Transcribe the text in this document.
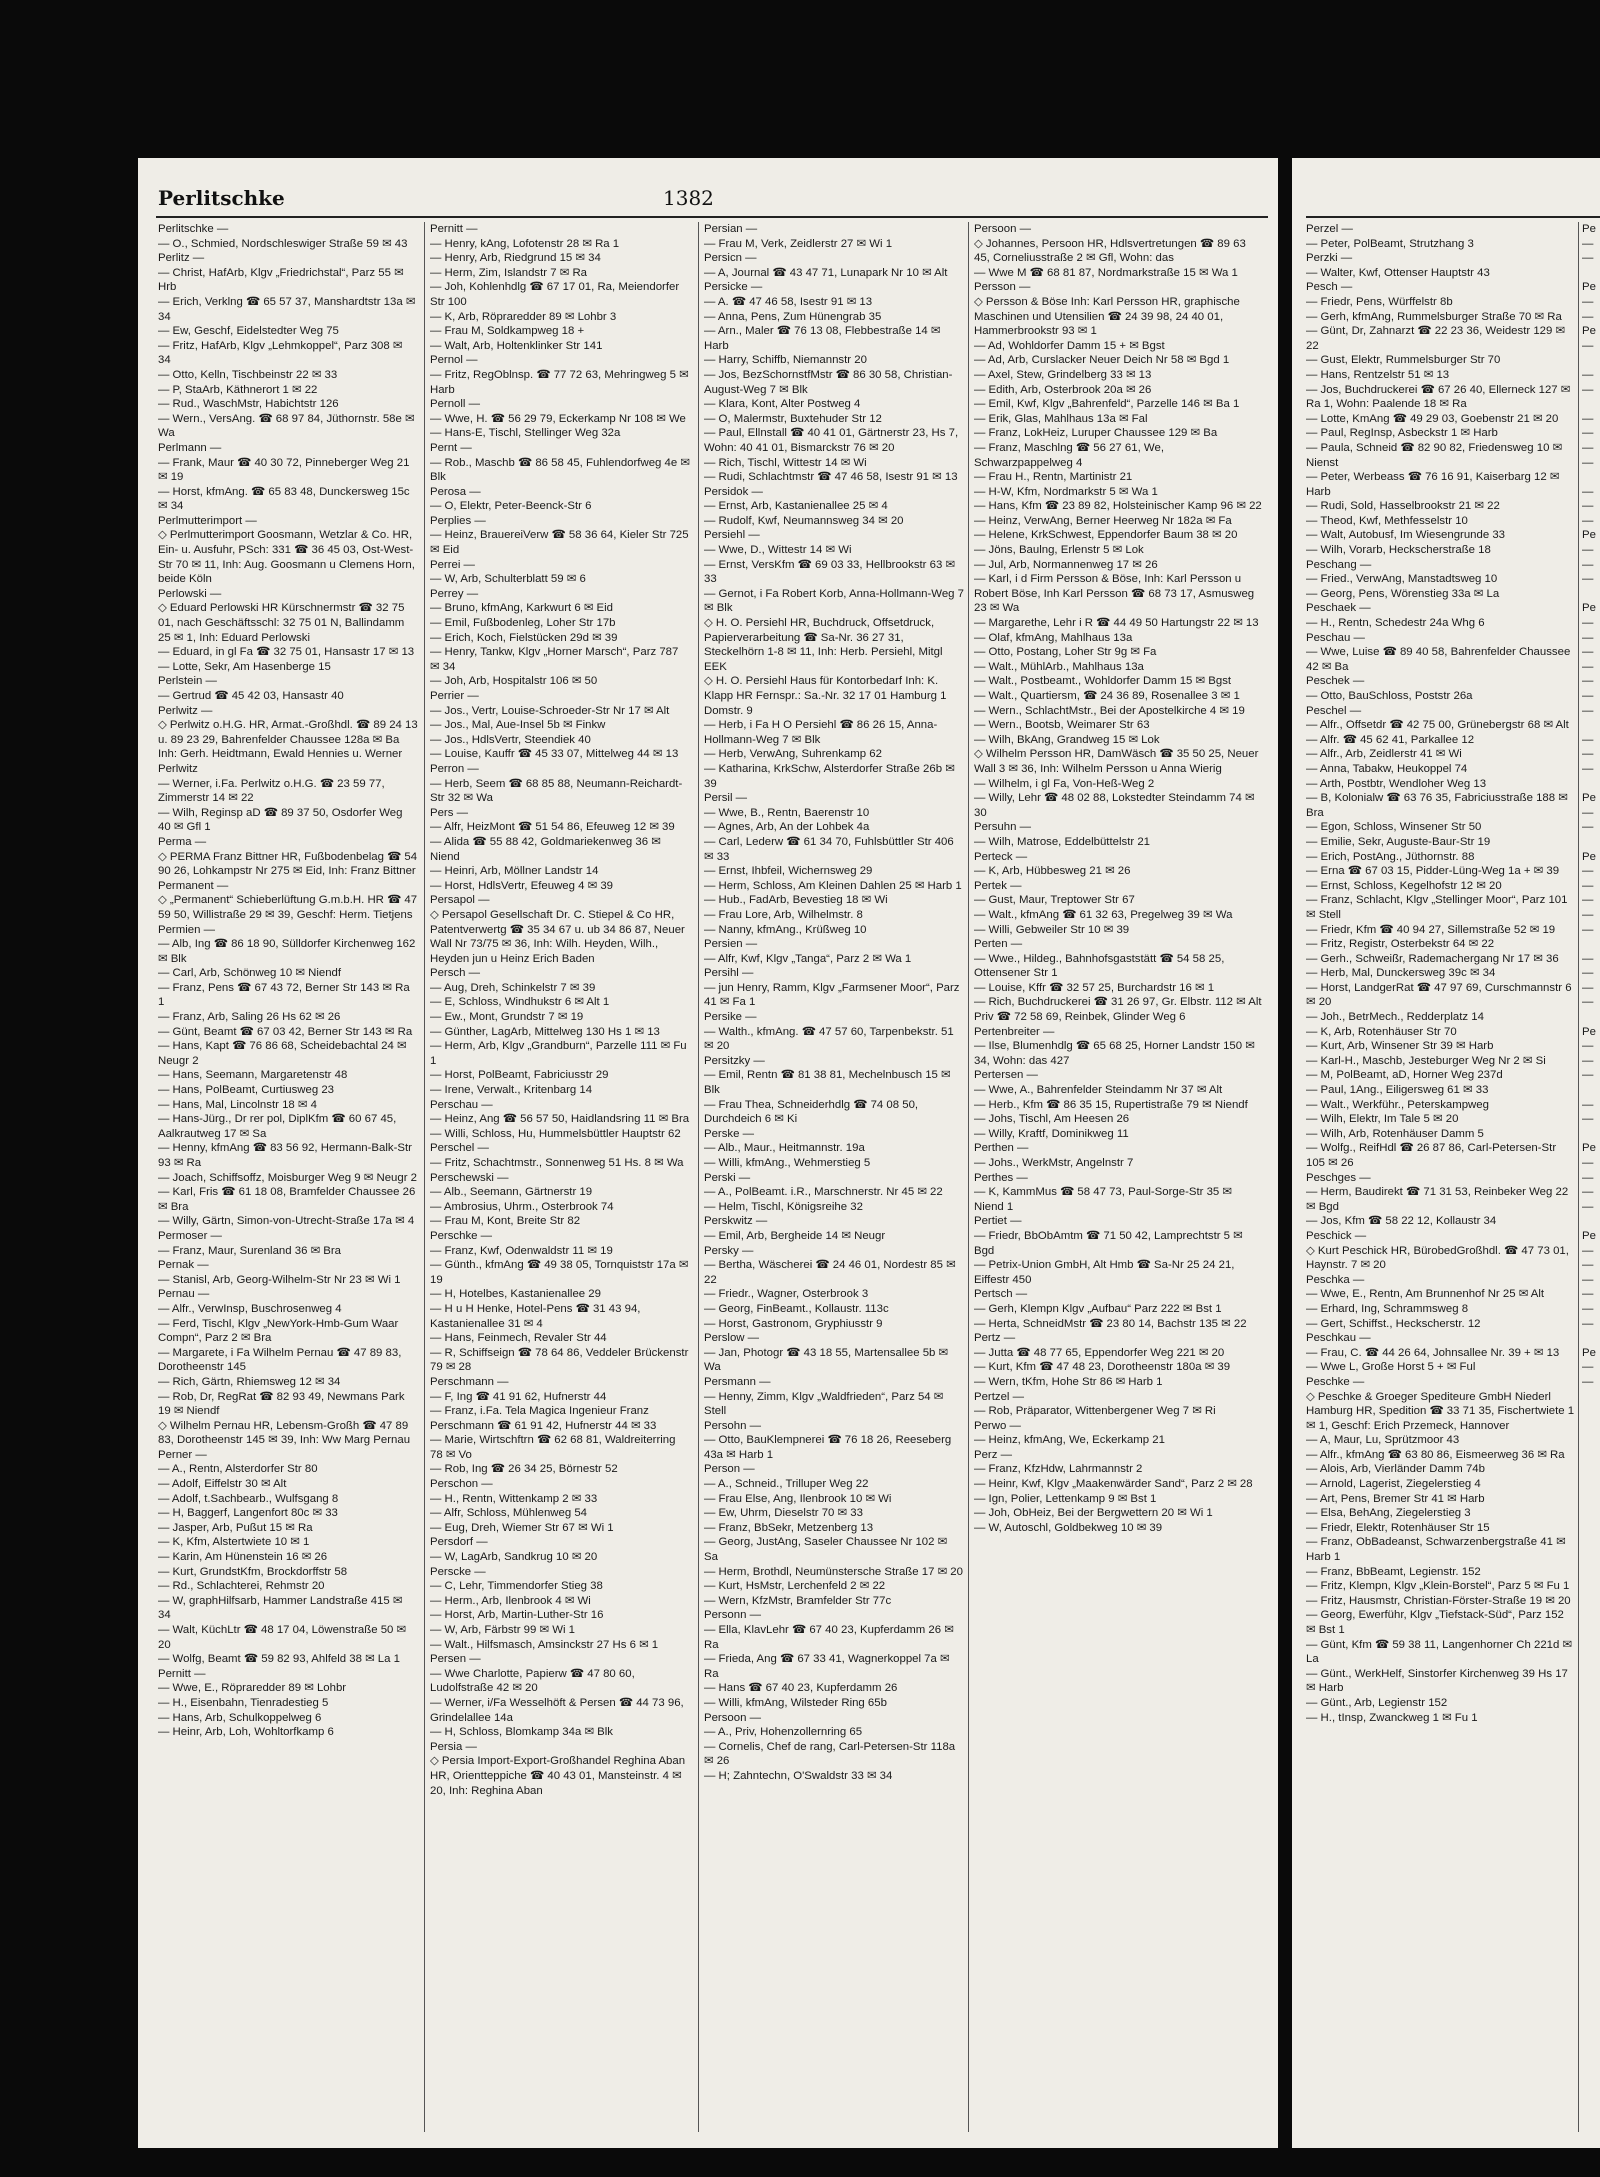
Perlitschke	1382
Perlitschke —
— O., Schmied, Nordschleswiger Straße 59 ✉ 43
Perlitz —
— Christ, HafArb, Klgv „Friedrichstal“, Parz 55 ✉ Hrb
— Erich, Verklng ☎ 65 57 37, Manshardtstr 13a ✉ 34
— Ew, Geschf, Eidelstedter Weg 75
— Fritz, HafArb, Klgv „Lehmkoppel“, Parz 308 ✉ 34
— Otto, Kelln, Tischbeinstr 22 ✉ 33
— P, StaArb, Käthnerort 1 ✉ 22
— Rud., WaschMstr, Habichtstr 126
— Wern., VersAng. ☎ 68 97 84, Jüthornstr. 58e ✉ Wa
Perlmann —
— Frank, Maur ☎ 40 30 72, Pinneberger Weg 21 ✉ 19
— Horst, kfmAng. ☎ 65 83 48, Dunckersweg 15c ✉ 34
Perlmutterimport —
◇ Perlmutterimport Goosmann, Wetzlar & Co. HR, Ein- u. Ausfuhr, PSch: 331 ☎ 36 45 03, Ost-West-Str 70 ✉ 11, Inh: Aug. Goosmann u Clemens Horn, beide Köln
Perlowski —
◇ Eduard Perlowski HR Kürschnermstr ☎ 32 75 01, nach Geschäftsschl: 32 75 01 N, Ballindamm 25 ✉ 1, Inh: Eduard Perlowski
— Eduard, in gl Fa ☎ 32 75 01, Hansastr 17 ✉ 13
— Lotte, Sekr, Am Hasenberge 15
Perlstein —
— Gertrud ☎ 45 42 03, Hansastr 40
Perlwitz —
◇ Perlwitz o.H.G. HR, Armat.-Großhdl. ☎ 89 24 13 u. 89 23 29, Bahrenfelder Chaussee 128a ✉ Ba Inh: Gerh. Heidtmann, Ewald Hennies u. Werner Perlwitz
— Werner, i.Fa. Perlwitz o.H.G. ☎ 23 59 77, Zimmerstr 14 ✉ 22
— Wilh, Reginsp aD ☎ 89 37 50, Osdorfer Weg 40 ✉ Gfl 1
Perma —
◇ PERMA Franz Bittner HR, Fußbodenbelag ☎ 54 90 26, Lohkampstr Nr 275 ✉ Eid, Inh: Franz Bittner
Permanent —
◇ „Permanent“ Schieberlüftung G.m.b.H. HR ☎ 47 59 50, Willistraße 29 ✉ 39, Geschf: Herm. Tietjens
Permien —
— Alb, Ing ☎ 86 18 90, Sülldorfer Kirchenweg 162 ✉ Blk
— Carl, Arb, Schönweg 10 ✉ Niendf
— Franz, Pens ☎ 67 43 72, Berner Str 143 ✉ Ra 1
— Franz, Arb, Saling 26 Hs 62 ✉ 26
— Günt, Beamt ☎ 67 03 42, Berner Str 143 ✉ Ra
— Hans, Kapt ☎ 76 86 68, Scheidebachtal 24 ✉ Neugr 2
— Hans, Seemann, Margaretenstr 48
— Hans, PolBeamt, Curtiusweg 23
— Hans, Mal, Lincolnstr 18 ✉ 4
— Hans-Jürg., Dr rer pol, DiplKfm ☎ 60 67 45, Aalkrautweg 17 ✉ Sa
— Henny, kfmAng ☎ 83 56 92, Hermann-Balk-Str 93 ✉ Ra
— Joach, Schiffsoffz, Moisburger Weg 9 ✉ Neugr 2
— Karl, Fris ☎ 61 18 08, Bramfelder Chaussee 26 ✉ Bra
— Willy, Gärtn, Simon-von-Utrecht-Straße 17a ✉ 4
Permoser —
— Franz, Maur, Surenland 36 ✉ Bra
Pernak —
— Stanisl, Arb, Georg-Wilhelm-Str Nr 23 ✉ Wi 1
Pernau —
— Alfr., VerwInsp, Buschrosenweg 4
— Ferd, Tischl, Klgv „NewYork-Hmb-Gum Waar Compn“, Parz 2 ✉ Bra
— Margarete, i Fa Wilhelm Pernau ☎ 47 89 83, Dorotheenstr 145
— Rich, Gärtn, Rhiemsweg 12 ✉ 34
— Rob, Dr, RegRat ☎ 82 93 49, Newmans Park 19 ✉ Niendf
◇ Wilhelm Pernau HR, Lebensm-Großh ☎ 47 89 83, Dorotheenstr 145 ✉ 39, Inh: Ww Marg Pernau
Perner —
— A., Rentn, Alsterdorfer Str 80
— Adolf, Eiffelstr 30 ✉ Alt
— Adolf, t.Sachbearb., Wulfsgang 8
— H, Baggerf, Langenfort 80c ✉ 33
— Jasper, Arb, Pußut 15 ✉ Ra
— K, Kfm, Alstertwiete 10 ✉ 1
— Karin, Am Hünenstein 16 ✉ 26
— Kurt, GrundstKfm, Brockdorffstr 58
— Rd., Schlachterei, Rehmstr 20
— W, graphHilfsarb, Hammer Landstraße 415 ✉ 34
— Walt, KüchLtr ☎ 48 17 04, Löwenstraße 50 ✉ 20
— Wolfg, Beamt ☎ 59 82 93, Ahlfeld 38 ✉ La 1
Pernitt —
— Wwe, E., Röpraredder 89 ✉ Lohbr
— H., Eisenbahn, Tienradestieg 5
— Hans, Arb, Schulkoppelweg 6
— Heinr, Arb, Loh, Wohltorfkamp 6
Pernitt —
— Henry, kAng, Lofotenstr 28 ✉ Ra 1
— Henry, Arb, Riedgrund 15 ✉ 34
— Herm, Zim, Islandstr 7 ✉ Ra
— Joh, Kohlenhdlg ☎ 67 17 01, Ra, Meiendorfer Str 100
— K, Arb, Röpraredder 89 ✉ Lohbr 3
— Frau M, Soldkampweg 18 +
— Walt, Arb, Holtenklinker Str 141
Pernol —
— Fritz, RegOblnsp. ☎ 77 72 63, Mehringweg 5 ✉ Harb
Pernoll —
— Wwe, H. ☎ 56 29 79, Eckerkamp Nr 108 ✉ We
— Hans-E, Tischl, Stellinger Weg 32a
Pernt —
— Rob., Maschb ☎ 86 58 45, Fuhlendorfweg 4e ✉ Blk
Perosa —
— O, Elektr, Peter-Beenck-Str 6
Perplies —
— Heinz, BrauereiVerw ☎ 58 36 64, Kieler Str 725 ✉ Eid
Perrei —
— W, Arb, Schulterblatt 59 ✉ 6
Perrey —
— Bruno, kfmAng, Karkwurt 6 ✉ Eid
— Emil, Fußbodenleg, Loher Str 17b
— Erich, Koch, Fielstücken 29d ✉ 39
— Henry, Tankw, Klgv „Horner Marsch“, Parz 787 ✉ 34
— Joh, Arb, Hospitalstr 106 ✉ 50
Perrier —
— Jos., Vertr, Louise-Schroeder-Str Nr 17 ✉ Alt
— Jos., Mal, Aue-Insel 5b ✉ Finkw
— Jos., HdlsVertr, Steendiek 40
— Louise, Kauffr ☎ 45 33 07, Mittelweg 44 ✉ 13
Perron —
— Herb, Seem ☎ 68 85 88, Neumann-Reichardt-Str 32 ✉ Wa
Pers —
— Alfr, HeizMont ☎ 51 54 86, Efeuweg 12 ✉ 39
— Alida ☎ 55 88 42, Goldmariekenweg 36 ✉ Niend
— Heinri, Arb, Möllner Landstr 14
— Horst, HdlsVertr, Efeuweg 4 ✉ 39
Persapol —
◇ Persapol Gesellschaft Dr. C. Stiepel & Co HR, Patentverwertg ☎ 35 34 67 u. ub 34 86 87, Neuer Wall Nr 73/75 ✉ 36, Inh: Wilh. Heyden, Wilh., Heyden jun u Heinz Erich Baden
Persch —
— Aug, Dreh, Schinkelstr 7 ✉ 39
— E, Schloss, Windhukstr 6 ✉ Alt 1
— Ew., Mont, Grundstr 7 ✉ 19
— Günther, LagArb, Mittelweg 130 Hs 1 ✉ 13
— Herm, Arb, Klgv „Grandburn“, Parzelle 111 ✉ Fu 1
— Horst, PolBeamt, Fabriciusstr 29
— Irene, Verwalt., Kritenbarg 14
Perschau —
— Heinz, Ang ☎ 56 57 50, Haidlandsring 11 ✉ Bra
— Willi, Schloss, Hu, Hummelsbüttler Hauptstr 62
Perschel —
— Fritz, Schachtmstr., Sonnenweg 51 Hs. 8 ✉ Wa
Perschewski —
— Alb., Seemann, Gärtnerstr 19
— Ambrosius, Uhrm., Osterbrook 74
— Frau M, Kont, Breite Str 82
Perschke —
— Franz, Kwf, Odenwaldstr 11 ✉ 19
— Günth., kfmAng ☎ 49 38 05, Tornquiststr 17a ✉ 19
— H, Hotelbes, Kastanienallee 29
— H u H Henke, Hotel-Pens ☎ 31 43 94, Kastanienallee 31 ✉ 4
— Hans, Feinmech, Revaler Str 44
— R, Schiffseign ☎ 78 64 86, Veddeler Brückenstr 79 ✉ 28
Perschmann —
— F, Ing ☎ 41 91 62, Hufnerstr 44
— Franz, i.Fa. Tela Magica Ingenieur Franz Perschmann ☎ 61 91 42, Hufnerstr 44 ✉ 33
— Marie, Wirtschftrn ☎ 62 68 81, Waldreiterring 78 ✉ Vo
— Rob, Ing ☎ 26 34 25, Börnestr 52
Perschon —
— H., Rentn, Wittenkamp 2 ✉ 33
— Alfr, Schloss, Mühlenweg 54
— Eug, Dreh, Wiemer Str 67 ✉ Wi 1
Persdorf —
— W, LagArb, Sandkrug 10 ✉ 20
Perscke —
— C, Lehr, Timmendorfer Stieg 38
— Herm., Arb, Ilenbrook 4 ✉ Wi
— Horst, Arb, Martin-Luther-Str 16
— W, Arb, Färbstr 99 ✉ Wi 1
— Walt., Hilfsmasch, Amsinckstr 27 Hs 6 ✉ 1
Persen —
— Wwe Charlotte, Papierw ☎ 47 80 60, Ludolfstraße 42 ✉ 20
— Werner, i/Fa Wesselhöft & Persen ☎ 44 73 96, Grindelallee 14a
— H, Schloss, Blomkamp 34a ✉ Blk
Persia —
◇ Persia Import-Export-Großhandel Reghina Aban HR, Orientteppiche ☎ 40 43 01, Mansteinstr. 4 ✉ 20, Inh: Reghina Aban
Persian —
— Frau M, Verk, Zeidlerstr 27 ✉ Wi 1
Persicn —
— A, Journal ☎ 43 47 71, Lunapark Nr 10 ✉ Alt
Persicke —
— A. ☎ 47 46 58, Isestr 91 ✉ 13
— Anna, Pens, Zum Hünengrab 35
— Arn., Maler ☎ 76 13 08, Flebbestraße 14 ✉ Harb
— Harry, Schiffb, Niemannstr 20
— Jos, BezSchornstfMstr ☎ 86 30 58, Christian-August-Weg 7 ✉ Blk
— Klara, Kont, Alter Postweg 4
— O, Malermstr, Buxtehuder Str 12
— Paul, Ellnstall ☎ 40 41 01, Gärtnerstr 23, Hs 7, Wohn: 40 41 01, Bismarckstr 76 ✉ 20
— Rich, Tischl, Wittestr 14 ✉ Wi
— Rudi, Schlachtmstr ☎ 47 46 58, Isestr 91 ✉ 13
Persidok —
— Ernst, Arb, Kastanienallee 25 ✉ 4
— Rudolf, Kwf, Neumannsweg 34 ✉ 20
Persiehl —
— Wwe, D., Wittestr 14 ✉ Wi
— Ernst, VersKfm ☎ 69 03 33, Hellbrookstr 63 ✉ 33
— Gernot, i Fa Robert Korb, Anna-Hollmann-Weg 7 ✉ Blk
◇ H. O. Persiehl HR, Buchdruck, Offsetdruck, Papierverarbeitung ☎ Sa-Nr. 36 27 31, Steckelhörn 1-8 ✉ 11, Inh: Herb. Persiehl, Mitgl EEK
◇ H. O. Persiehl Haus für Kontorbedarf Inh: K. Klapp HR Fernspr.: Sa.-Nr. 32 17 01 Hamburg 1 Domstr. 9
— Herb, i Fa H O Persiehl ☎ 86 26 15, Anna-Hollmann-Weg 7 ✉ Blk
— Herb, VerwAng, Suhrenkamp 62
— Katharina, KrkSchw, Alsterdorfer Straße 26b ✉ 39
Persil —
— Wwe, B., Rentn, Baerenstr 10
— Agnes, Arb, An der Lohbek 4a
— Carl, Lederw ☎ 61 34 70, Fuhlsbüttler Str 406 ✉ 33
— Ernst, Ihbfeil, Wichernsweg 29
— Herm, Schloss, Am Kleinen Dahlen 25 ✉ Harb 1
— Hub., FadArb, Bevestieg 18 ✉ Wi
— Frau Lore, Arb, Wilhelmstr. 8
— Nanny, kfmAng., Krüßweg 10
Persien —
— Alfr, Kwf, Klgv „Tanga“, Parz 2 ✉ Wa 1
Persihl —
— jun Henry, Ramm, Klgv „Farmsener Moor“, Parz 41 ✉ Fa 1
Persike —
— Walth., kfmAng. ☎ 47 57 60, Tarpenbekstr. 51 ✉ 20
Persitzky —
— Emil, Rentn ☎ 81 38 81, Mechelnbusch 15 ✉ Blk
— Frau Thea, Schneiderhdlg ☎ 74 08 50, Durchdeich 6 ✉ Ki
Perske —
— Alb., Maur., Heitmannstr. 19a
— Willi, kfmAng., Wehmerstieg 5
Perski —
— A., PolBeamt. i.R., Marschnerstr. Nr 45 ✉ 22
— Helm, Tischl, Königsreihe 32
Perskwitz —
— Emil, Arb, Bergheide 14 ✉ Neugr
Persky —
— Bertha, Wäscherei ☎ 24 46 01, Nordestr 85 ✉ 22
— Friedr., Wagner, Osterbrook 3
— Georg, FinBeamt., Kollaustr. 113c
— Horst, Gastronom, Gryphiusstr 9
Perslow —
— Jan, Photogr ☎ 43 18 55, Martensallee 5b ✉ Wa
Persmann —
— Henny, Zimm, Klgv „Waldfrieden“, Parz 54 ✉ Stell
Persohn —
— Otto, BauKlempnerei ☎ 76 18 26, Reeseberg 43a ✉ Harb 1
Person —
— A., Schneid., Trilluper Weg 22
— Frau Else, Ang, Ilenbrook 10 ✉ Wi
— Ew, Uhrm, Dieselstr 70 ✉ 33
— Franz, BbSekr, Metzenberg 13
— Georg, JustAng, Saseler Chaussee Nr 102 ✉ Sa
— Herm, Brothdl, Neumünstersche Straße 17 ✉ 20
— Kurt, HsMstr, Lerchenfeld 2 ✉ 22
— Wern, KfzMstr, Bramfelder Str 77c
Personn —
— Ella, KlavLehr ☎ 67 40 23, Kupferdamm 26 ✉ Ra
— Frieda, Ang ☎ 67 33 41, Wagnerkoppel 7a ✉ Ra
— Hans ☎ 67 40 23, Kupferdamm 26
— Willi, kfmAng, Wilsteder Ring 65b
Persoon —
— A., Priv, Hohenzollernring 65
— Cornelis, Chef de rang, Carl-Petersen-Str 118a ✉ 26
— H; Zahntechn, O'Swaldstr 33 ✉ 34
Persoon —
◇ Johannes, Persoon HR, Hdlsvertretungen ☎ 89 63 45, Corneliusstraße 2 ✉ Gfl, Wohn: das
— Wwe M ☎ 68 81 87, Nordmarkstraße 15 ✉ Wa 1
Persson —
◇ Persson & Böse Inh: Karl Persson HR, graphische Maschinen und Utensilien ☎ 24 39 98, 24 40 01, Hammerbrookstr 93 ✉ 1
— Ad, Wohldorfer Damm 15 + ✉ Bgst
— Ad, Arb, Curslacker Neuer Deich Nr 58 ✉ Bgd 1
— Axel, Stew, Grindelberg 33 ✉ 13
— Edith, Arb, Osterbrook 20a ✉ 26
— Emil, Kwf, Klgv „Bahrenfeld“, Parzelle 146 ✉ Ba 1
— Erik, Glas, Mahlhaus 13a ✉ Fal
— Franz, LokHeiz, Luruper Chaussee 129 ✉ Ba
— Franz, Maschlng ☎ 56 27 61, We, Schwarzpappelweg 4
— Frau H., Rentn, Martinistr 21
— H-W, Kfm, Nordmarkstr 5 ✉ Wa 1
— Hans, Kfm ☎ 23 89 82, Holsteinischer Kamp 96 ✉ 22
— Heinz, VerwAng, Berner Heerweg Nr 182a ✉ Fa
— Helene, KrkSchwest, Eppendorfer Baum 38 ✉ 20
— Jöns, Baulng, Erlenstr 5 ✉ Lok
— Jul, Arb, Normannenweg 17 ✉ 26
— Karl, i d Firm Persson & Böse, Inh: Karl Persson u Robert Böse, Inh Karl Persson ☎ 68 73 17, Asmusweg 23 ✉ Wa
— Margarethe, Lehr i R ☎ 44 49 50 Hartungstr 22 ✉ 13
— Olaf, kfmAng, Mahlhaus 13a
— Otto, Postang, Loher Str 9g ✉ Fa
— Walt., MühlArb., Mahlhaus 13a
— Walt., Postbeamt., Wohldorfer Damm 15 ✉ Bgst
— Walt., Quartiersm, ☎ 24 36 89, Rosenallee 3 ✉ 1
— Wern., SchlachtMstr., Bei der Apostelkirche 4 ✉ 19
— Wern., Bootsb, Weimarer Str 63
— Wilh, BkAng, Grandweg 15 ✉ Lok
◇ Wilhelm Persson HR, DamWäsch ☎ 35 50 25, Neuer Wall 3 ✉ 36, Inh: Wilhelm Persson u Anna Wierig
— Wilhelm, i gl Fa, Von-Heß-Weg 2
— Willy, Lehr ☎ 48 02 88, Lokstedter Steindamm 74 ✉ 30
Persuhn —
— Wilh, Matrose, Eddelbüttelstr 21
Perteck —
— K, Arb, Hübbesweg 21 ✉ 26
Pertek —
— Gust, Maur, Treptower Str 67
— Walt., kfmAng ☎ 61 32 63, Pregelweg 39 ✉ Wa
— Willi, Gebweiler Str 10 ✉ 39
Perten —
— Wwe., Hildeg., Bahnhofsgaststätt ☎ 54 58 25, Ottensener Str 1
— Louise, Kffr ☎ 32 57 25, Burchardstr 16 ✉ 1
— Rich, Buchdruckerei ☎ 31 26 97, Gr. Elbstr. 112 ✉ Alt Priv ☎ 72 58 69, Reinbek, Glinder Weg 6
Pertenbreiter —
— Ilse, Blumenhdlg ☎ 65 68 25, Horner Landstr 150 ✉ 34, Wohn: das 427
Pertersen —
— Wwe, A., Bahrenfelder Steindamm Nr 37 ✉ Alt
— Herb., Kfm ☎ 86 35 15, Rupertistraße 79 ✉ Niendf
— Johs, Tischl, Am Heesen 26
— Willy, Kraftf, Dominikweg 11
Perthen —
— Johs., WerkMstr, Angelnstr 7
Perthes —
— K, KammMus ☎ 58 47 73, Paul-Sorge-Str 35 ✉ Niend 1
Pertiet —
— Friedr, BbObAmtm ☎ 71 50 42, Lamprechtstr 5 ✉ Bgd
— Petrix-Union GmbH, Alt Hmb ☎ Sa-Nr 25 24 21, Eiffestr 450
Pertsch —
— Gerh, Klempn Klgv „Aufbau“ Parz 222 ✉ Bst 1
— Herta, SchneidMstr ☎ 23 80 14, Bachstr 135 ✉ 22
Pertz —
— Jutta ☎ 48 77 65, Eppendorfer Weg 221 ✉ 20
— Kurt, Kfm ☎ 47 48 23, Dorotheenstr 180a ✉ 39
— Wern, tKfm, Hohe Str 86 ✉ Harb 1
Pertzel —
— Rob, Präparator, Wittenbergener Weg 7 ✉ Ri
Perwo —
— Heinz, kfmAng, We, Eckerkamp 21
Perz —
— Franz, KfzHdw, Lahrmannstr 2
— Heinr, Kwf, Klgv „Maakenwärder Sand“, Parz 2 ✉ 28
— Ign, Polier, Lettenkamp 9 ✉ Bst 1
— Joh, ObHeiz, Bei der Bergwettern 20 ✉ Wi 1
— W, Autoschl, Goldbekweg 10 ✉ 39
Perzel —
— Peter, PolBeamt, Strutzhang 3
Perzki —
— Walter, Kwf, Ottenser Hauptstr 43
Pesch —
— Friedr, Pens, Würffelstr 8b
— Gerh, kfmAng, Rummelsburger Straße 70 ✉ Ra
— Günt, Dr, Zahnarzt ☎ 22 23 36, Weidestr 129 ✉ 22
— Gust, Elektr, Rummelsburger Str 70
— Hans, Rentzelstr 51 ✉ 13
— Jos, Buchdruckerei ☎ 67 26 40, Ellerneck 127 ✉ Ra 1, Wohn: Paalende 18 ✉ Ra
— Lotte, KmAng ☎ 49 29 03, Goebenstr 21 ✉ 20
— Paul, RegInsp, Asbeckstr 1 ✉ Harb
— Paula, Schneid ☎ 82 90 82, Friedensweg 10 ✉ Nienst
— Peter, Werbeass ☎ 76 16 91, Kaiserbarg 12 ✉ Harb
— Rudi, Sold, Hasselbrookstr 21 ✉ 22
— Theod, Kwf, Methfesselstr 10
— Walt, Autobusf, Im Wiesengrunde 33
— Wilh, Vorarb, Heckscherstraße 18
Peschang —
— Fried., VerwAng, Manstadtsweg 10
— Georg, Pens, Wörenstieg 33a ✉ La
Peschaek —
— H., Rentn, Schedestr 24a Whg 6
Peschau —
— Wwe, Luise ☎ 89 40 58, Bahrenfelder Chaussee 42 ✉ Ba
Peschek —
— Otto, BauSchloss, Poststr 26a
Peschel —
— Alfr., Offsetdr ☎ 42 75 00, Grünebergstr 68 ✉ Alt
— Alfr. ☎ 45 62 41, Parkallee 12
— Alfr., Arb, Zeidlerstr 41 ✉ Wi
— Anna, Tabakw, Heukoppel 74
— Arth, Postbtr, Wendloher Weg 13
— B, Kolonialw ☎ 63 76 35, Fabriciusstraße 188 ✉ Bra
— Egon, Schloss, Winsener Str 50
— Emilie, Sekr, Auguste-Baur-Str 19
— Erich, PostAng., Jüthornstr. 88
— Erna ☎ 67 03 15, Pidder-Lüng-Weg 1a + ✉ 39
— Ernst, Schloss, Kegelhofstr 12 ✉ 20
— Franz, Schlacht, Klgv „Stellinger Moor“, Parz 101 ✉ Stell
— Friedr, Kfm ☎ 40 94 27, Sillemstraße 52 ✉ 19
— Fritz, Registr, Osterbekstr 64 ✉ 22
— Gerh., Schweißr, Rademachergang Nr 17 ✉ 36
— Herb, Mal, Dunckersweg 39c ✉ 34
— Horst, LandgerRat ☎ 47 97 69, Curschmannstr 6 ✉ 20
— Joh., BetrMech., Redderplatz 14
— K, Arb, Rotenhäuser Str 70
— Kurt, Arb, Winsener Str 39 ✉ Harb
— Karl-H., Maschb, Jesteburger Weg Nr 2 ✉ Si
— M, PolBeamt, aD, Horner Weg 237d
— Paul, 1Ang., Eiligersweg 61 ✉ 33
— Walt., Werkführ., Peterskampweg
— Wilh, Elektr, Im Tale 5 ✉ 20
— Wilh, Arb, Rotenhäuser Damm 5
— Wolfg., ReifHdl ☎ 26 87 86, Carl-Petersen-Str 105 ✉ 26
Peschges —
— Herm, Baudirekt ☎ 71 31 53, Reinbeker Weg 22 ✉ Bgd
— Jos, Kfm ☎ 58 22 12, Kollaustr 34
Peschick —
◇ Kurt Peschick HR, BürobedGroßhdl. ☎ 47 73 01, Haynstr. 7 ✉ 20
Peschka —
— Wwe, E., Rentn, Am Brunnenhof Nr 25 ✉ Alt
— Erhard, Ing, Schrammsweg 8
— Gert, Schiffst., Heckscherstr. 12
Peschkau —
— Frau, C. ☎ 44 26 64, Johnsallee Nr. 39 + ✉ 13
— Wwe L, Große Horst 5 + ✉ Ful
Peschke —
◇ Peschke & Groeger Spediteure GmbH Niederl Hamburg HR, Spedition ☎ 33 71 35, Fischertwiete 1 ✉ 1, Geschf: Erich Przemeck, Hannover
— A, Maur, Lu, Sprützmoor 43
— Alfr., kfmAng ☎ 63 80 86, Eismeerweg 36 ✉ Ra
— Alois, Arb, Vierländer Damm 74b
— Arnold, Lagerist, Ziegelerstieg 4
— Art, Pens, Bremer Str 41 ✉ Harb
— Elsa, BehAng, Ziegelerstieg 3
— Friedr, Elektr, Rotenhäuser Str 15
— Franz, ObBadeanst, Schwarzenbergstraße 41 ✉ Harb 1
— Franz, BbBeamt, Legienstr. 152
— Fritz, Klempn, Klgv „Klein-Borstel“, Parz 5 ✉ Fu 1
— Fritz, Hausmstr, Christian-Förster-Straße 19 ✉ 20
— Georg, Ewerführ, Klgv „Tiefstack-Süd“, Parz 152 ✉ Bst 1
— Günt, Kfm ☎ 59 38 11, Langenhorner Ch 221d ✉ La
— Günt., WerkHelf, Sinstorfer Kirchenweg 39 Hs 17 ✉ Harb
— Günt., Arb, Legienstr 152
— H., tInsp, Zwanckweg 1 ✉ Fu 1
Pe
—
—

Pe
—
—
Pe
—

—
—

—
—
—
—

—
—
—
Pe
—
—
—

Pe
—
—
—
—
—
—
—

—
—
—

Pe
—
—

Pe
—
—
—
—
—

—
—
—
—

Pe
—
—
—

—
—

Pe
—
—
—
—

Pe
—
—
—
—
—
—

Pe
—
—
